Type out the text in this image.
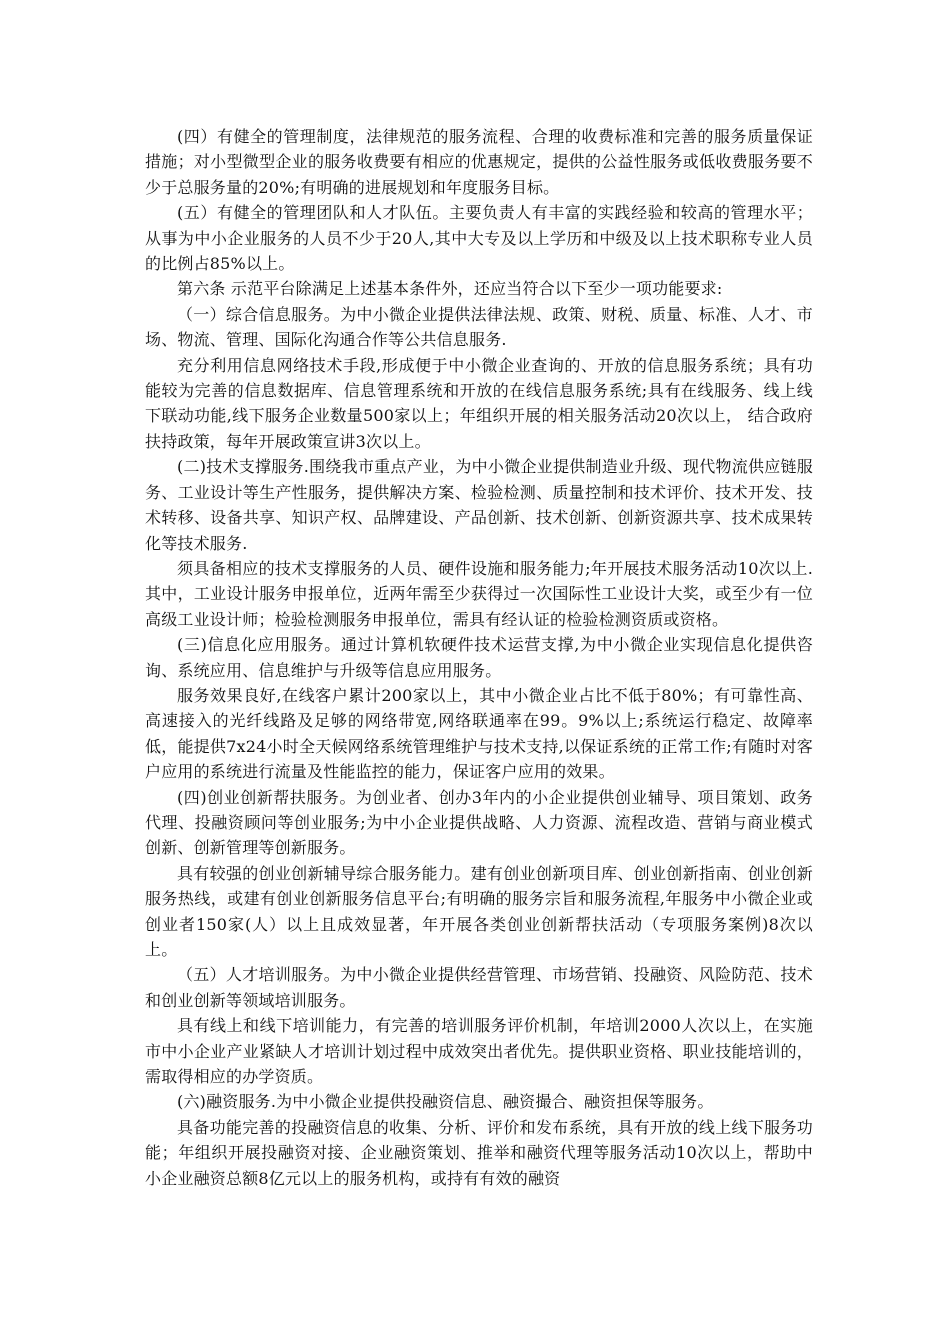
(四）有健全的管理制度，法律规范的服务流程、合理的收费标准和完善的服务质量保证措施；对小型微型企业的服务收费要有相应的优惠规定，提供的公益性服务或低收费服务要不少于总服务量的20%;有明确的进展规划和年度服务目标。

(五）有健全的管理团队和人才队伍。主要负责人有丰富的实践经验和较高的管理水平；从事为中小企业服务的人员不少于20人,其中大专及以上学历和中级及以上技术职称专业人员的比例占85%以上。

第六条 示范平台除满足上述基本条件外，还应当符合以下至少一项功能要求:

（一）综合信息服务。为中小微企业提供法律法规、政策、财税、质量、标准、人才、市场、物流、管理、国际化沟通合作等公共信息服务.

充分利用信息网络技术手段,形成便于中小微企业查询的、开放的信息服务系统；具有功能较为完善的信息数据库、信息管理系统和开放的在线信息服务系统;具有在线服务、线上线下联动功能,线下服务企业数量500家以上；年组织开展的相关服务活动20次以上， 结合政府扶持政策，每年开展政策宣讲3次以上。

(二)技术支撑服务.围绕我市重点产业，为中小微企业提供制造业升级、现代物流供应链服务、工业设计等生产性服务，提供解决方案、检验检测、质量控制和技术评价、技术开发、技术转移、设备共享、知识产权、品牌建设、产品创新、技术创新、创新资源共享、技术成果转化等技术服务.

须具备相应的技术支撑服务的人员、硬件设施和服务能力;年开展技术服务活动10次以上.其中，工业设计服务申报单位，近两年需至少获得过一次国际性工业设计大奖，或至少有一位高级工业设计师；检验检测服务申报单位，需具有经认证的检验检测资质或资格。

(三)信息化应用服务。通过计算机软硬件技术运营支撑,为中小微企业实现信息化提供咨询、系统应用、信息维护与升级等信息应用服务。

服务效果良好,在线客户累计200家以上，其中小微企业占比不低于80%；有可靠性高、高速接入的光纤线路及足够的网络带宽,网络联通率在99。9%以上;系统运行稳定、故障率低，能提供7x24小时全天候网络系统管理维护与技术支持,以保证系统的正常工作;有随时对客户应用的系统进行流量及性能监控的能力，保证客户应用的效果。

(四)创业创新帮扶服务。为创业者、创办3年内的小企业提供创业辅导、项目策划、政务代理、投融资顾问等创业服务;为中小企业提供战略、人力资源、流程改造、营销与商业模式创新、创新管理等创新服务。

具有较强的创业创新辅导综合服务能力。建有创业创新项目库、创业创新指南、创业创新服务热线，或建有创业创新服务信息平台;有明确的服务宗旨和服务流程,年服务中小微企业或创业者150家(人）以上且成效显著，年开展各类创业创新帮扶活动（专项服务案例)8次以上。

（五）人才培训服务。为中小微企业提供经营管理、市场营销、投融资、风险防范、技术和创业创新等领域培训服务。

具有线上和线下培训能力，有完善的培训服务评价机制，年培训2000人次以上，在实施市中小企业产业紧缺人才培训计划过程中成效突出者优先。提供职业资格、职业技能培训的，需取得相应的办学资质。

(六)融资服务.为中小微企业提供投融资信息、融资撮合、融资担保等服务。

具备功能完善的投融资信息的收集、分析、评价和发布系统，具有开放的线上线下服务功能；年组织开展投融资对接、企业融资策划、推举和融资代理等服务活动10次以上，帮助中小企业融资总额8亿元以上的服务机构，或持有有效的融资
